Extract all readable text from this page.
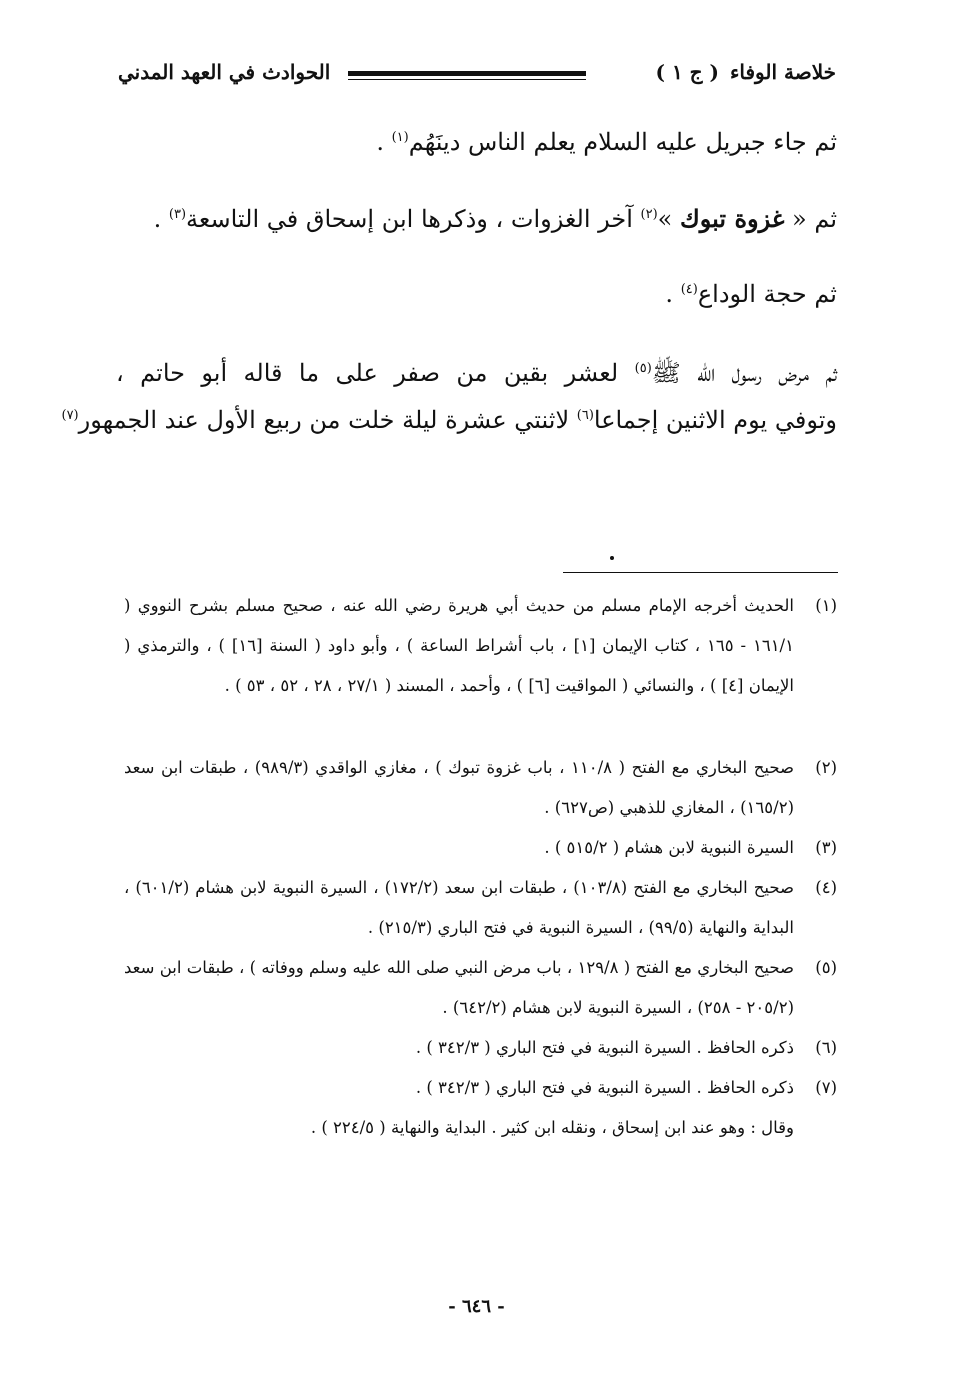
خلاصة الوفاء ( ج ١ )
الحوادث في العهد المدني
ثم جاء جبريل عليه السلام يعلم الناس دينَهُم$^{(١)}$ .
ثم « غزوة تبوك »$^{(٢)}$ آخر الغزوات ، وذكرها ابن إسحاق في التاسعة$^{(٣)}$ .
ثم حجة الوداع$^{(٤)}$ .
ثم مرض رسول الله ﷺ$^{(٥)}$ لعشر بقين من صفر على ما قاله أبو حاتم ،
وتوفي يوم الاثنين إجماعا$^{(٦)}$ لاثنتي عشرة ليلة خلت من ربيع الأول عند الجمهور$^{(٧)}$
(١)
الحديث أخرجه الإمام مسلم من حديث أبي هريرة رضي الله عنه ، صحيح مسلم بشرح النووي ( ١٦١/١ - ١٦٥ ، كتاب الإيمان [١] ، باب أشراط الساعة ) ، وأبو داود ( السنة [١٦] ) ، والترمذي ( الإيمان [٤] ) ، والنسائي ( المواقيت [٦] ) ، وأحمد ، المسند ( ٢٧/١ ، ٢٨ ، ٥٢ ، ٥٣ ) .
(٢)
صحيح البخاري مع الفتح ( ١١٠/٨ ، باب غزوة تبوك ) ، مغازي الواقدي (٩٨٩/٣) ، طبقات ابن سعد (١٦٥/٢) ، المغازي للذهبي (ص٦٢٧) .
(٣)
السيرة النبوية لابن هشام ( ٥١٥/٢ ) .
(٤)
صحيح البخاري مع الفتح (١٠٣/٨) ، طبقات ابن سعد (١٧٢/٢) ، السيرة النبوية لابن هشام (٦٠١/٢) ، البداية والنهاية (٩٩/٥) ، السيرة النبوية في فتح الباري (٢١٥/٣) .
(٥)
صحيح البخاري مع الفتح ( ١٢٩/٨ ، باب مرض النبي صلى الله عليه وسلم ووفاته ) ، طبقات ابن سعد (٢٠٥/٢ - ٢٥٨) ، السيرة النبوية لابن هشام (٦٤٢/٢) .
(٦)
ذكره الحافظ . السيرة النبوية في فتح الباري ( ٣٤٢/٣ ) .
(٧)
ذكره الحافظ . السيرة النبوية في فتح الباري ( ٣٤٢/٣ ) .
وقال : وهو عند ابن إسحاق ، ونقله ابن كثير . البداية والنهاية ( ٢٢٤/٥ ) .
- ٦٤٦ -
